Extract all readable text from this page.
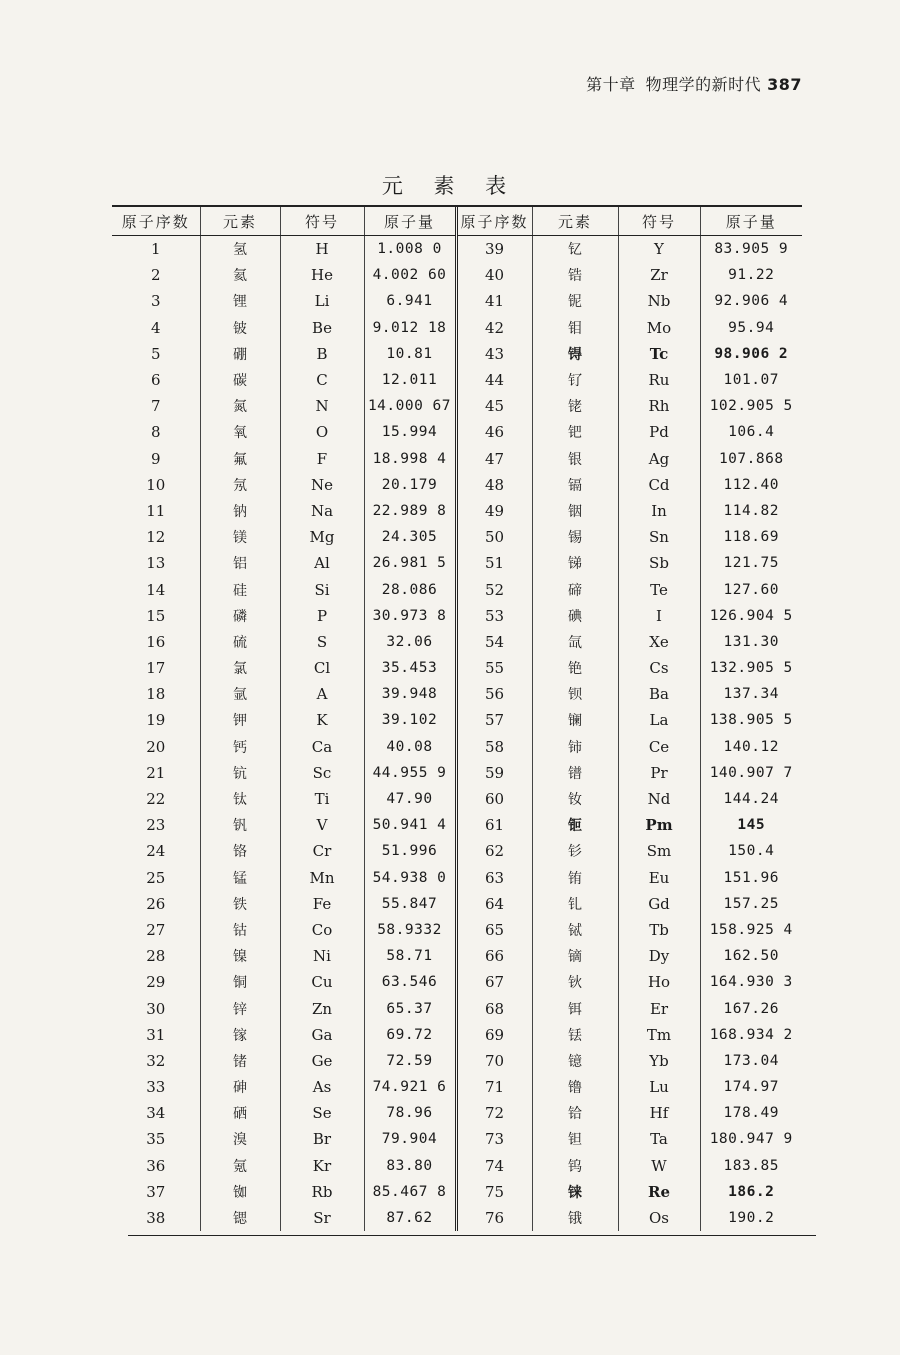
第十章 物理学的新时代 387
元 素 表
原子序数	元素	符号	原子量	原子序数	元素	符号	原子量
1	氢	H	1.008 0	39	钇	Y	83.905 9
2	氦	He	4.002 60	40	锆	Zr	91.22
3	锂	Li	6.941	41	铌	Nb	92.906 4
4	铍	Be	9.012 18	42	钼	Mo	95.94
5	硼	B	10.81	43	锝	Tc	98.906 2
6	碳	C	12.011	44	钌	Ru	101.07
7	氮	N	14.000 67	45	铑	Rh	102.905 5
8	氧	O	15.994	46	钯	Pd	106.4
9	氟	F	18.998 4	47	银	Ag	107.868
10	氖	Ne	20.179	48	镉	Cd	112.40
11	钠	Na	22.989 8	49	铟	In	114.82
12	镁	Mg	24.305	50	锡	Sn	118.69
13	铝	Al	26.981 5	51	锑	Sb	121.75
14	硅	Si	28.086	52	碲	Te	127.60
15	磷	P	30.973 8	53	碘	I	126.904 5
16	硫	S	32.06	54	氙	Xe	131.30
17	氯	Cl	35.453	55	铯	Cs	132.905 5
18	氩	A	39.948	56	钡	Ba	137.34
19	钾	K	39.102	57	镧	La	138.905 5
20	钙	Ca	40.08	58	铈	Ce	140.12
21	钪	Sc	44.955 9	59	镨	Pr	140.907 7
22	钛	Ti	47.90	60	钕	Nd	144.24
23	钒	V	50.941 4	61	钷	Pm	145
24	铬	Cr	51.996	62	钐	Sm	150.4
25	锰	Mn	54.938 0	63	铕	Eu	151.96
26	铁	Fe	55.847	64	钆	Gd	157.25
27	钴	Co	58.9332	65	铽	Tb	158.925 4
28	镍	Ni	58.71	66	镝	Dy	162.50
29	铜	Cu	63.546	67	钬	Ho	164.930 3
30	锌	Zn	65.37	68	铒	Er	167.26
31	镓	Ga	69.72	69	铥	Tm	168.934 2
32	锗	Ge	72.59	70	镱	Yb	173.04
33	砷	As	74.921 6	71	镥	Lu	174.97
34	硒	Se	78.96	72	铪	Hf	178.49
35	溴	Br	79.904	73	钽	Ta	180.947 9
36	氪	Kr	83.80	74	钨	W	183.85
37	铷	Rb	85.467 8	75	铼	Re	186.2
38	锶	Sr	87.62	76	锇	Os	190.2
